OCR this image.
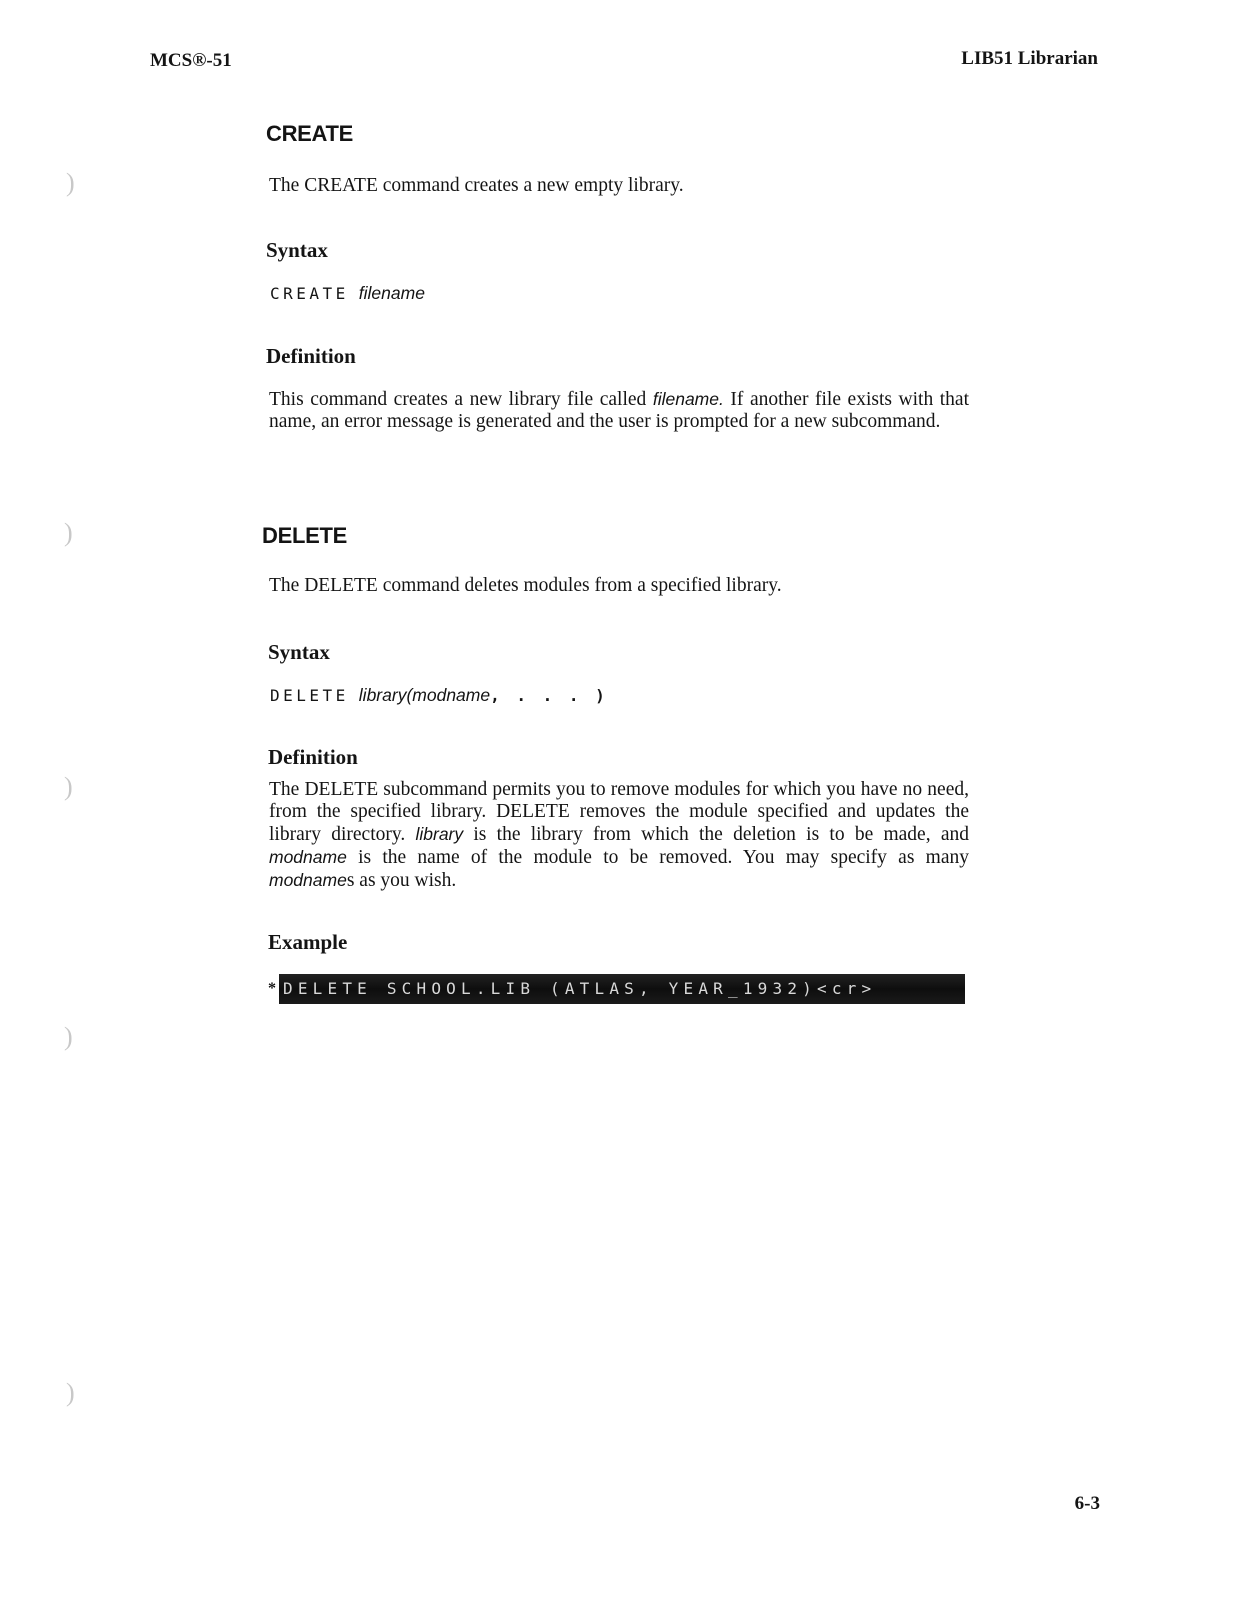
MCS®-51	LIB51 Librarian
)
)
)
)
)
CREATE
The CREATE command creates a new empty library.
Syntax
CREATE filename
Definition
This command creates a new library file called filename. If another file exists with that name, an error message is generated and the user is prompted for a new subcommand.
DELETE
The DELETE command deletes modules from a specified library.
Syntax
DELETE library(modname, . . . )
Definition
The DELETE subcommand permits you to remove modules for which you have no need, from the specified library. DELETE removes the module specified and updates the library directory. library is the library from which the deletion is to be made, and modname is the name of the module to be removed. You may specify as many modnames as you wish.
Example
* DELETE SCHOOL.LIB (ATLAS, YEAR_1932)<cr>
6-3
